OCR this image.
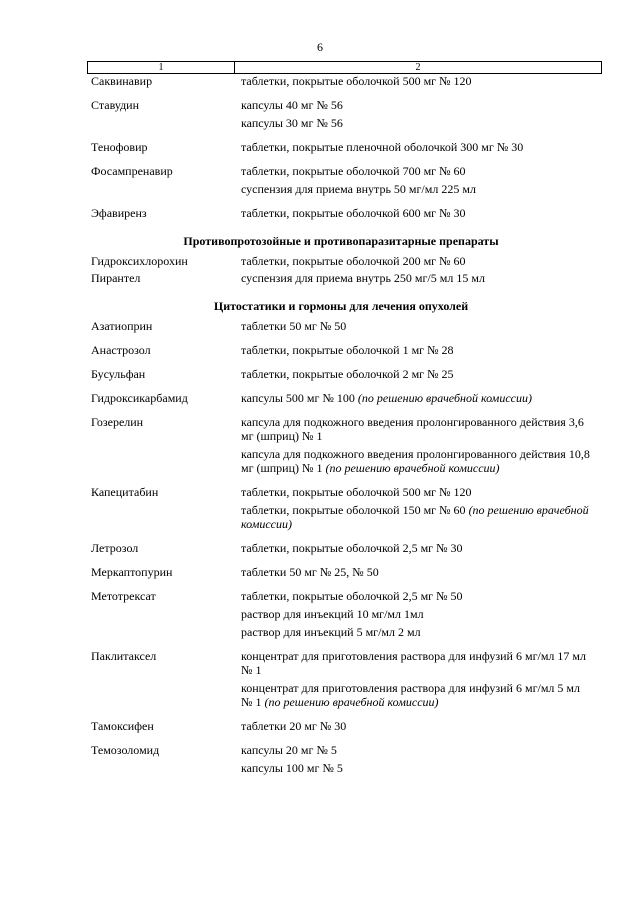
6
1	2
Саквинавир	таблетки, покрытые оболочкой 500 мг № 120
Ставудин	капсулы 40 мг № 56
капсулы 30 мг № 56
Тенофовир	таблетки, покрытые пленочной оболочкой 300 мг № 30
Фосампренавир	таблетки, покрытые оболочкой 700 мг № 60
суспензия для приема внутрь 50 мг/мл 225 мл
Эфавиренз	таблетки, покрытые оболочкой 600 мг № 30
Противопротозойные и противопаразитарные препараты
Гидроксихлорохин	таблетки, покрытые оболочкой 200 мг № 60
Пирантел	суспензия для приема внутрь 250 мг/5 мл 15 мл
Цитостатики и гормоны для лечения опухолей
Азатиоприн	таблетки 50 мг № 50
Анастрозол	таблетки, покрытые оболочкой 1 мг № 28
Бусульфан	таблетки, покрытые оболочкой 2 мг № 25
Гидроксикарбамид	капсулы 500 мг № 100 (по решению врачебной комиссии)
Гозерелин	капсула для подкожного введения пролонгированного действия 3,6 мг (шприц) № 1
капсула для подкожного введения пролонгированного действия 10,8 мг (шприц) № 1 (по решению врачебной комиссии)
Капецитабин	таблетки, покрытые оболочкой 500 мг № 120
таблетки, покрытые оболочкой 150 мг № 60 (по решению врачебной комиссии)
Летрозол	таблетки, покрытые оболочкой 2,5 мг № 30
Меркаптопурин	таблетки 50 мг № 25, № 50
Метотрексат	таблетки, покрытые оболочкой 2,5 мг № 50
раствор для инъекций 10 мг/мл 1мл
раствор для инъекций 5 мг/мл 2 мл
Паклитаксел	концентрат для приготовления раствора для инфузий 6 мг/мл 17 мл № 1
концентрат для приготовления раствора для инфузий 6 мг/мл 5 мл № 1 (по решению врачебной комиссии)
Тамоксифен	таблетки 20 мг № 30
Темозоломид	капсулы 20 мг № 5
капсулы 100 мг № 5
